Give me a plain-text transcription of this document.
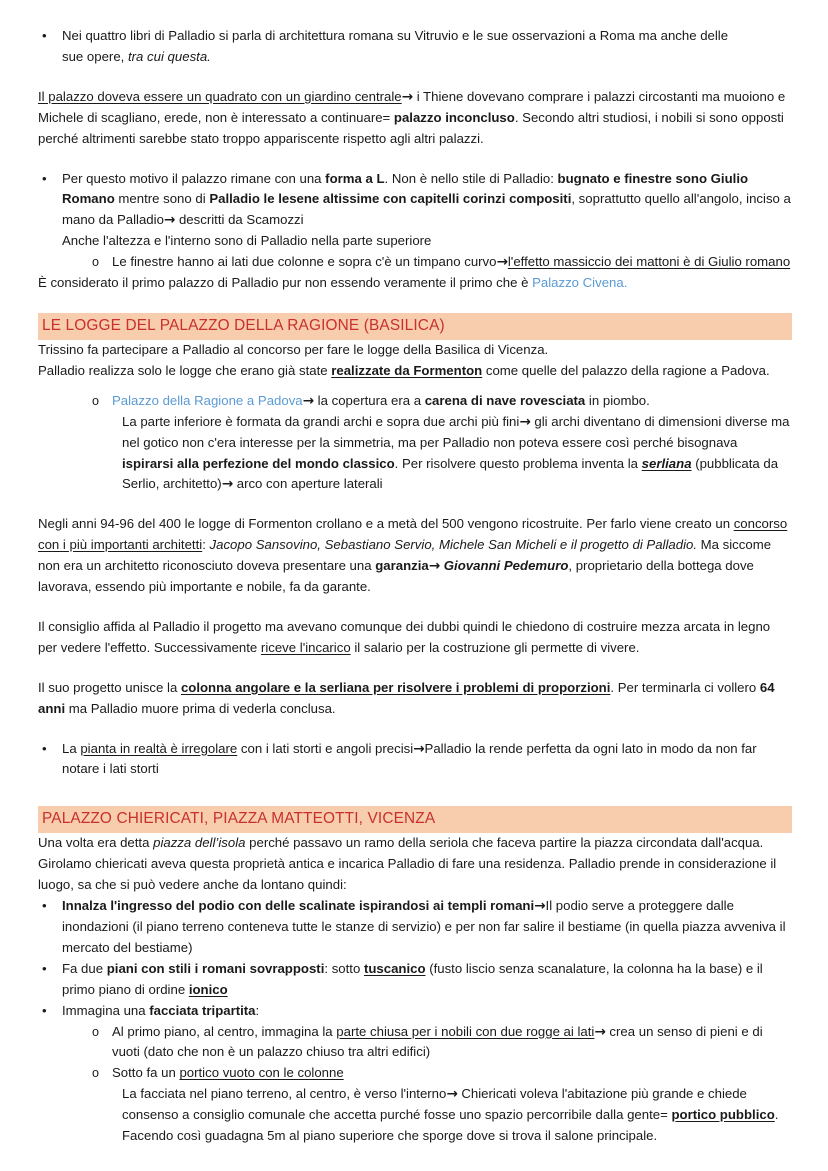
•	Nei quattro libri di Palladio si parla di architettura romana su Vitruvio e le sue osservazioni a Roma ma anche delle
sue opere, tra cui questa.

Il palazzo doveva essere un quadrato con un giardino centrale→ i Thiene dovevano comprare i palazzi circostanti ma muoiono e Michele di scagliano, erede, non è interessato a continuare= palazzo inconcluso. Secondo altri studiosi, i nobili si sono opposti perché altrimenti sarebbe stato troppo appariscente rispetto agli altri palazzi.

•	Per questo motivo il palazzo rimane con una forma a L. Non è nello stile di Palladio: bugnato e finestre sono Giulio Romano mentre sono di Palladio le lesene altissime con capitelli corinzi compositi, soprattutto quello all'angolo, inciso a mano da Palladio→ descritti da Scamozzi
Anche l'altezza e l'interno sono di Palladio nella parte superiore
o Le finestre hanno ai lati due colonne e sopra c'è un timpano curvo→l'effetto massiccio dei mattoni è di Giulio romano

È considerato il primo palazzo di Palladio pur non essendo veramente il primo che è Palazzo Civena.

LE LOGGE DEL PALAZZO DELLA RAGIONE (BASILICA)

Trissino fa partecipare a Palladio al concorso per fare le logge della Basilica di Vicenza.

Palladio realizza solo le logge che erano già state realizzate da Formenton come quelle del palazzo della ragione a Padova.

o Palazzo della Ragione a Padova→ la copertura era a carena di nave rovesciata in piombo.

La parte inferiore è formata da grandi archi e sopra due archi più fini→ gli archi diventano di dimensioni diverse ma nel gotico non c'era interesse per la simmetria, ma per Palladio non poteva essere così perché bisognava ispirarsi alla perfezione del mondo classico. Per risolvere questo problema inventa la serliana (pubblicata da Serlio, architetto)→ arco con aperture laterali

Negli anni 94-96 del 400 le logge di Formenton crollano e a metà del 500 vengono ricostruite. Per farlo viene creato un concorso con i più importanti architetti: Jacopo Sansovino, Sebastiano Servio, Michele San Micheli e il progetto di Palladio. Ma siccome non era un architetto riconosciuto doveva presentare una garanzia→ Giovanni Pedemuro, proprietario della bottega dove lavorava, essendo più importante e nobile, fa da garante.

Il consiglio affida al Palladio il progetto ma avevano comunque dei dubbi quindi le chiedono di costruire mezza arcata in legno per vedere l'effetto. Successivamente riceve l'incarico il salario per la costruzione gli permette di vivere.

Il suo progetto unisce la colonna angolare e la serliana per risolvere i problemi di proporzioni. Per terminarla ci vollero 64 anni ma Palladio muore prima di vederla conclusa.

•	La pianta in realtà è irregolare con i lati storti e angoli precisi→Palladio la rende perfetta da ogni lato in modo da non far notare i lati storti
PALAZZO CHIERICATI, PIAZZA MATTEOTTI, VICENZA

Una volta era detta piazza dell’isola perché passavo un ramo della seriola che faceva partire la piazza circondata dall'acqua.

Girolamo chiericati aveva questa proprietà antica e incarica Palladio di fare una residenza. Palladio prende in considerazione il luogo, sa che si può vedere anche da lontano quindi:

•	Innalza l'ingresso del podio con delle scalinate ispirandosi ai templi romani→Il podio serve a proteggere dalle inondazioni (il piano terreno conteneva tutte le stanze di servizio) e per non far salire il bestiame (in quella piazza avveniva il mercato del bestiame)
•	Fa due piani con stili i romani sovrapposti: sotto tuscanico (fusto liscio senza scanalature, la colonna ha la base) e il primo piano di ordine ionico
•	Immagina una facciata tripartita:
o Al primo piano, al centro, immagina la parte chiusa per i nobili con due rogge ai lati→ crea un senso di pieni e di vuoti (dato che non è un palazzo chiuso tra altri edifici)
o Sotto fa un portico vuoto con le colonne

La facciata nel piano terreno, al centro, è verso l'interno→ Chiericati voleva l'abitazione più grande e chiede consenso a consiglio comunale che accetta purché fosse uno spazio percorribile dalla gente= portico pubblico. Facendo così guadagna 5m al piano superiore che sporge dove si trova il salone principale.
